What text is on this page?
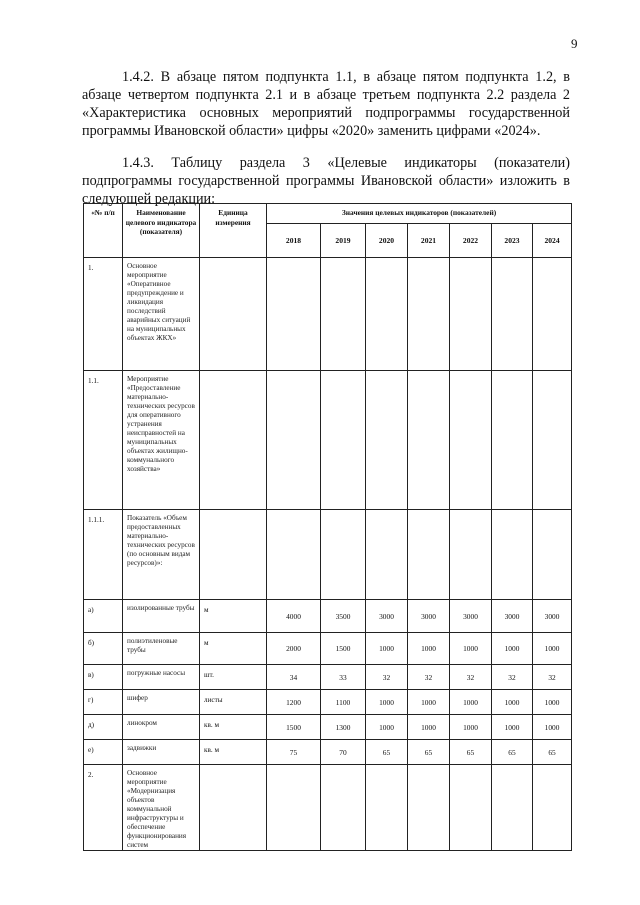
9

1.4.2. В абзаце пятом подпункта 1.1, в абзаце пятом подпункта 1.2, в абзаце четвертом подпункта 2.1 и в абзаце третьем подпункта 2.2 раздела 2 «Характеристика основных мероприятий подпрограммы государственной программы Ивановской области» цифры «2020» заменить цифрами «2024».

1.4.3. Таблицу раздела 3 «Целевые индикаторы (показатели) подпрограммы государственной программы Ивановской области» изложить в следующей редакции:

«№ п/п	Наименование целевого индикатора (показателя)	Единица измерения	Значения целевых индикаторов (показателей)						
			2018	2019	2020	2021	2022	2023	2024
1.	Основное мероприятие «Оперативное предупреждение и ликвидация последствий аварийных ситуаций на муниципальных объектах ЖКХ»								
1.1.	Мероприятие «Предоставление материально-технических ресурсов для оперативного устранения неисправностей на муниципальных объектах жилищно-коммунального хозяйства»								
1.1.1.	Показатель «Объем предоставленных материально-технических ресурсов (по основным видам ресурсов)»:								
а)	изолированные трубы	м	4000	3500	3000	3000	3000	3000	3000
б)	полиэтиленовые трубы	м	2000	1500	1000	1000	1000	1000	1000
в)	погружные насосы	шт.	34	33	32	32	32	32	32
г)	шифер	листы	1200	1100	1000	1000	1000	1000	1000
д)	линокром	кв. м	1500	1300	1000	1000	1000	1000	1000
е)	задвижки	кв. м	75	70	65	65	65	65	65
2.	Основное мероприятие «Модернизация объектов коммунальной инфраструктуры и обеспечение функционирования систем								
